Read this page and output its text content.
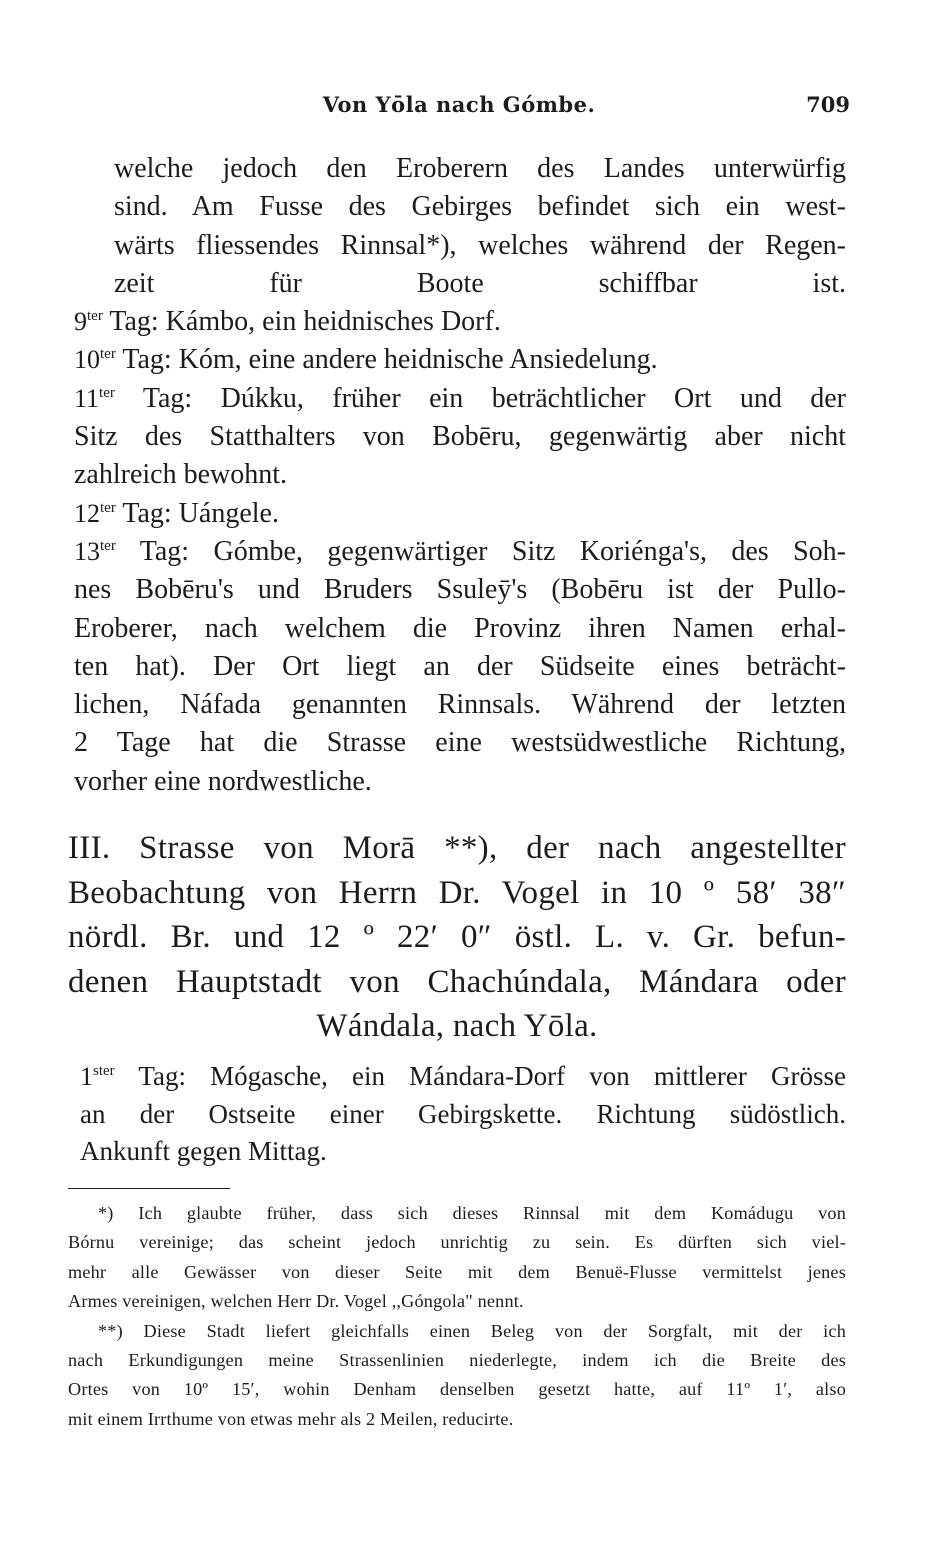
Von Yōla nach Gómbe.	709
welche jedoch den Eroberern des Landes unterwürfig
sind. Am Fusse des Gebirges befindet sich ein west-
wärts fliessendes Rinnsal*), welches während der Regen-
zeit für Boote schiffbar ist.
$9^{ter}$ Tag: Kámbo, ein heidnisches Dorf.
$10^{ter}$ Tag: Kóm, eine andere heidnische Ansiedelung.
$11^{ter}$ Tag: Dúkku, früher ein beträchtlicher Ort und der
Sitz des Statthalters von Bobēru, gegenwärtig aber nicht
zahlreich bewohnt.
$12^{ter}$ Tag: Uángele.
$13^{ter}$ Tag: Gómbe, gegenwärtiger Sitz Koriénga's, des Soh-
nes Bobēru's und Bruders Ssuleӯ's (Bobēru ist der Pullo-
Eroberer, nach welchem die Provinz ihren Namen erhal-
ten hat). Der Ort liegt an der Südseite eines beträcht-
lichen, Náfada genannten Rinnsals. Während der letzten
2 Tage hat die Strasse eine westsüdwestliche Richtung,
vorher eine nordwestliche.
III. Strasse von Morā **), der nach angestellter
Beobachtung von Herrn Dr. Vogel in 10 º 58′ 38″
nördl. Br. und 12 º 22′ 0″ östl. L. v. Gr. befun-
denen Hauptstadt von Chachúndala, Mándara oder
Wándala, nach Yōla.
$1^{ster}$ Tag: Mógasche, ein Mándara-Dorf von mittlerer Grösse
an der Ostseite einer Gebirgskette. Richtung südöstlich.
Ankunft gegen Mittag.

*) Ich glaubte früher, dass sich dieses Rinnsal mit dem Komádugu von
Bórnu vereinige; das scheint jedoch unrichtig zu sein. Es dürften sich viel-
mehr alle Gewässer von dieser Seite mit dem Benuë-Flusse vermittelst jenes
Armes vereinigen, welchen Herr Dr. Vogel ,,Góngola" nennt.

**) Diese Stadt liefert gleichfalls einen Beleg von der Sorgfalt, mit der ich
nach Erkundigungen meine Strassenlinien niederlegte, indem ich die Breite des
Ortes von 10º 15′, wohin Denham denselben gesetzt hatte, auf 11º 1′, also
mit einem Irrthume von etwas mehr als 2 Meilen, reducirte.
